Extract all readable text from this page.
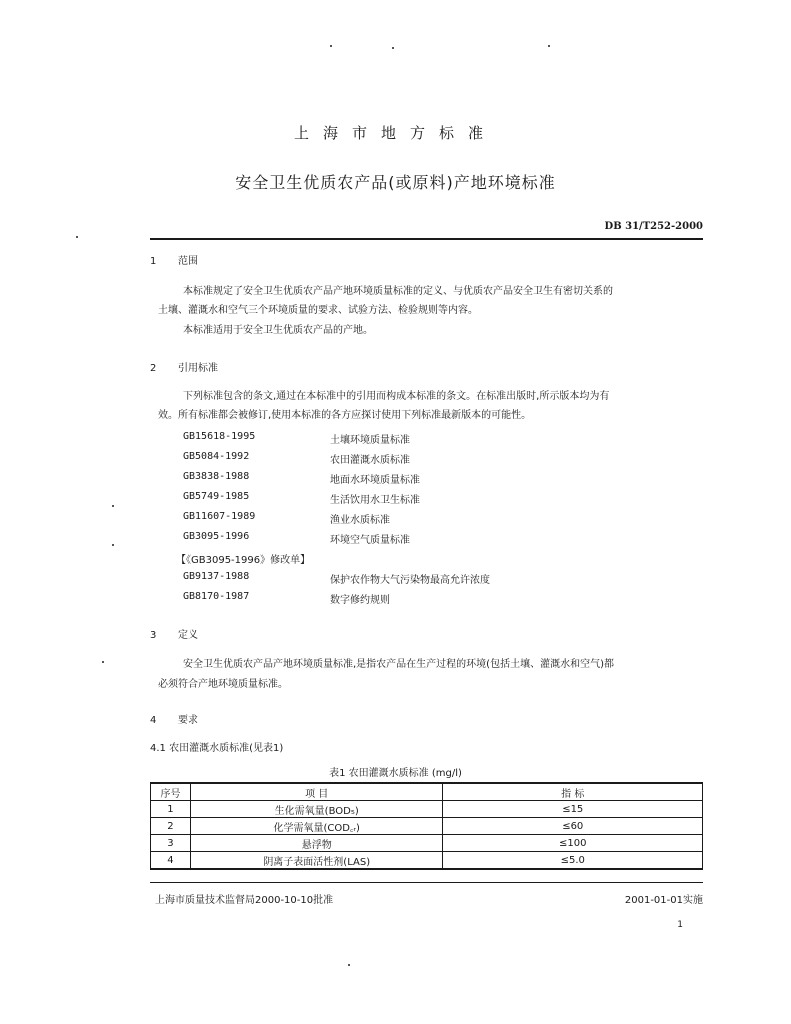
上海市地方标准
安全卫生优质农产品(或原料)产地环境标准
DB 31/T252-2000
1 范围
本标准规定了安全卫生优质农产品产地环境质量标准的定义、与优质农产品安全卫生有密切关系的
土壤、灌溉水和空气三个环境质量的要求、试验方法、检验规则等内容。
本标准适用于安全卫生优质农产品的产地。
2 引用标准
下列标准包含的条文,通过在本标准中的引用而构成本标准的条文。在标准出版时,所示版本均为有
效。所有标准都会被修订,使用本标准的各方应探讨使用下列标准最新版本的可能性。
GB15618-1995	土壤环境质量标准
GB5084-1992	农田灌溉水质标准
GB3838-1988	地面水环境质量标准
GB5749-1985	生活饮用水卫生标准
GB11607-1989	渔业水质标准
GB3095-1996	环境空气质量标准
【《GB3095-1996》修改单】
GB9137-1988	保护农作物大气污染物最高允许浓度
GB8170-1987	数字修约规则
3 定义
安全卫生优质农产品产地环境质量标准,是指农产品在生产过程的环境(包括土壤、灌溉水和空气)都
必须符合产地环境质量标准。
4 要求
4.1 农田灌溉水质标准(见表1)
表1 农田灌溉水质标准 (mg/l)
序号	项 目	指 标
1	生化需氧量(BOD₅)	≤15
2	化学需氧量(COD꜀ᵣ)	≤60
3	悬浮物	≤100
4	阴离子表面活性剂(LAS)	≤5.0
上海市质量技术监督局2000-10-10批准	2001-01-01实施
1
